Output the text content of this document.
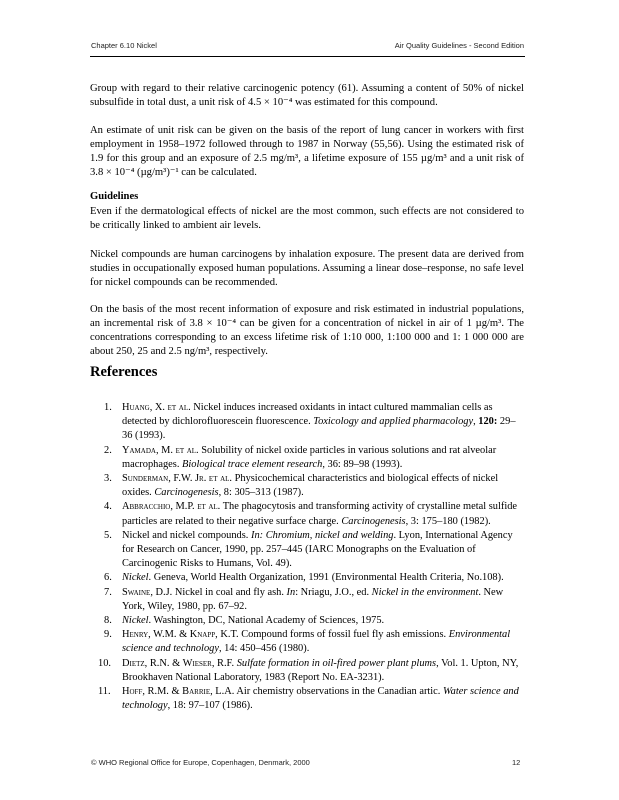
Chapter 6.10 Nickel	Air Quality Guidelines - Second Edition
Group with regard to their relative carcinogenic potency (61). Assuming a content of 50% of nickel subsulfide in total dust, a unit risk of 4.5 × 10⁻⁴ was estimated for this compound.
An estimate of unit risk can be given on the basis of the report of lung cancer in workers with first employment in 1958–1972 followed through to 1987 in Norway (55,56). Using the estimated risk of 1.9 for this group and an exposure of 2.5 mg/m³, a lifetime exposure of 155 µg/m³ and a unit risk of 3.8 × 10⁻⁴ (µg/m³)⁻¹ can be calculated.
Guidelines
Even if the dermatological effects of nickel are the most common, such effects are not considered to be critically linked to ambient air levels.
Nickel compounds are human carcinogens by inhalation exposure. The present data are derived from studies in occupationally exposed human populations. Assuming a linear dose–response, no safe level for nickel compounds can be recommended.
On the basis of the most recent information of exposure and risk estimated in industrial populations, an incremental risk of 3.8 × 10⁻⁴ can be given for a concentration of nickel in air of 1 µg/m³. The concentrations corresponding to an excess lifetime risk of 1:10 000, 1:100 000 and 1: 1 000 000 are about 250, 25 and 2.5 ng/m³, respectively.
References
1. Huang, X. et al. Nickel induces increased oxidants in intact cultured mammalian cells as detected by dichlorofluorescein fluorescence. Toxicology and applied pharmacology, 120: 29–36 (1993).
2. Yamada, M. et al. Solubility of nickel oxide particles in various solutions and rat alveolar macrophages. Biological trace element research, 36: 89–98 (1993).
3. Sunderman, F.W. Jr. et al. Physicochemical characteristics and biological effects of nickel oxides. Carcinogenesis, 8: 305–313 (1987).
4. Abbracchio, M.P. et al. The phagocytosis and transforming activity of crystalline metal sulfide particles are related to their negative surface charge. Carcinogenesis, 3: 175–180 (1982).
5. Nickel and nickel compounds. In: Chromium, nickel and welding. Lyon, International Agency for Research on Cancer, 1990, pp. 257–445 (IARC Monographs on the Evaluation of Carcinogenic Risks to Humans, Vol. 49).
6. Nickel. Geneva, World Health Organization, 1991 (Environmental Health Criteria, No.108).
7. Swaine, D.J. Nickel in coal and fly ash. In: Nriagu, J.O., ed. Nickel in the environment. New York, Wiley, 1980, pp. 67–92.
8. Nickel. Washington, DC, National Academy of Sciences, 1975.
9. Henry, W.M. & Knapp, K.T. Compound forms of fossil fuel fly ash emissions. Environmental science and technology, 14: 450–456 (1980).
10. Dietz, R.N. & Wieser, R.F. Sulfate formation in oil-fired power plant plums, Vol. 1. Upton, NY, Brookhaven National Laboratory, 1983 (Report No. EA-3231).
11. Hoff, R.M. & Barrie, L.A. Air chemistry observations in the Canadian artic. Water science and technology, 18: 97–107 (1986).
© WHO Regional Office for Europe, Copenhagen, Denmark, 2000	12
